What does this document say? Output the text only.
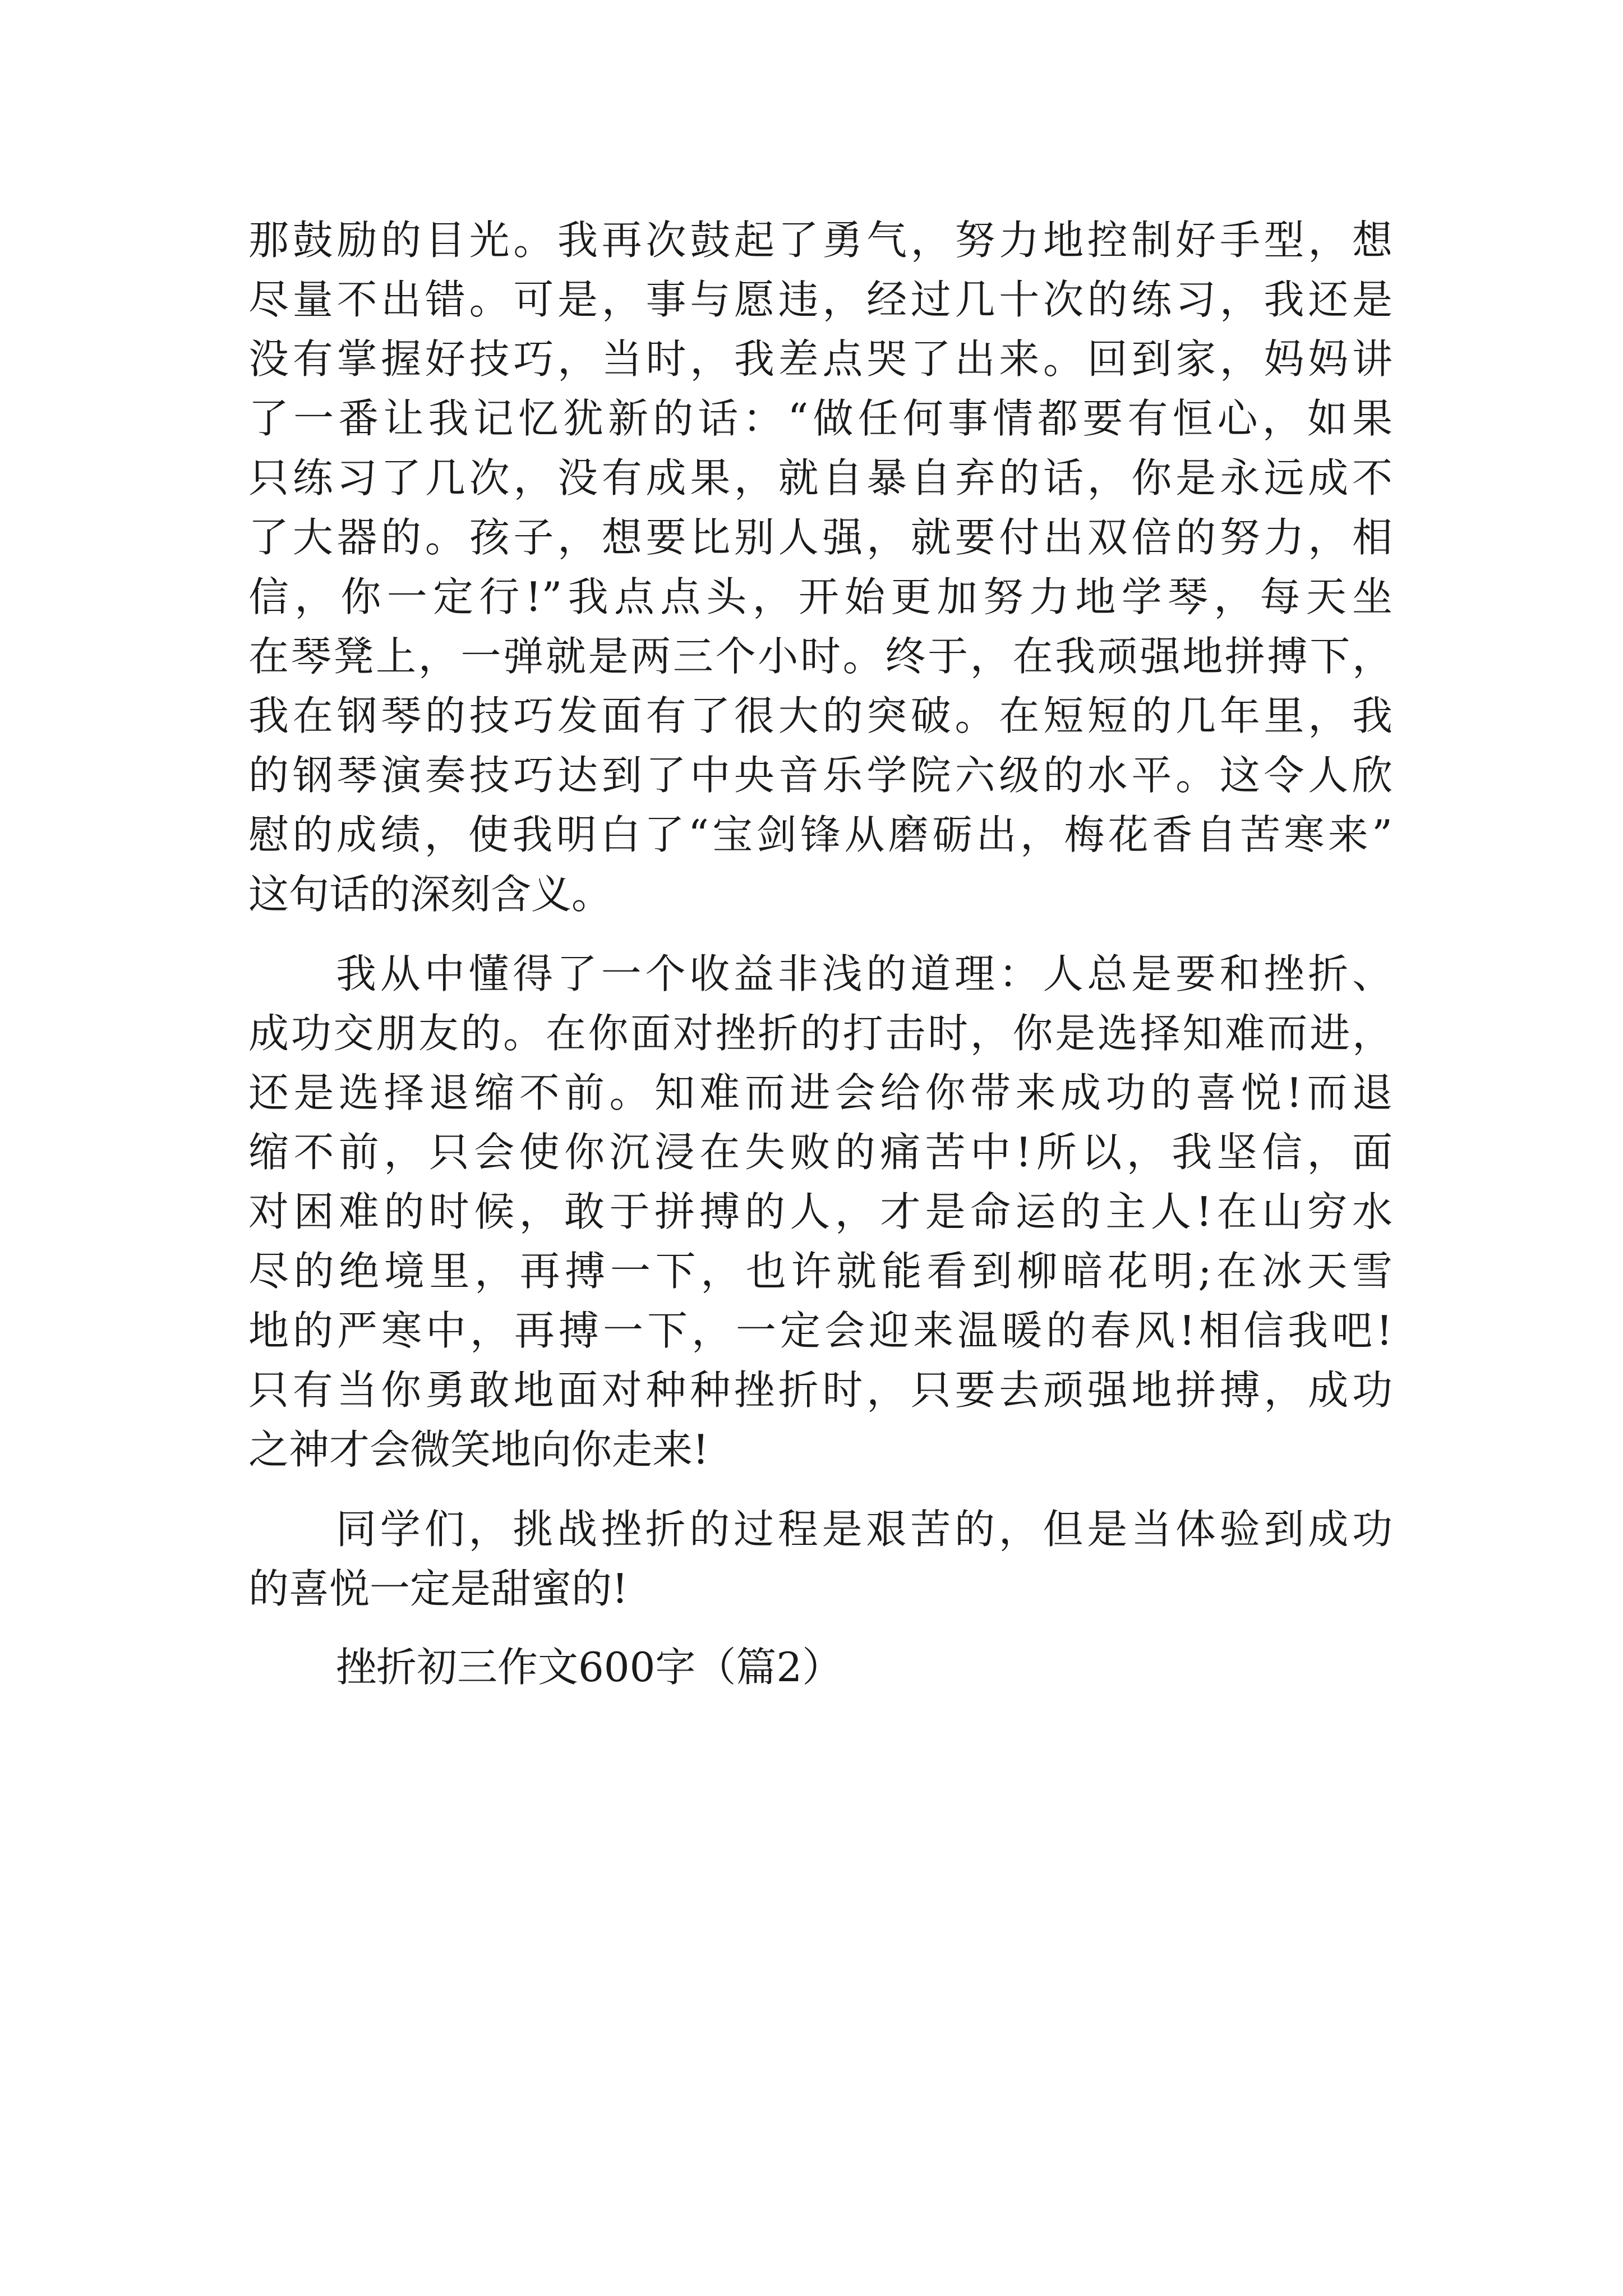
那鼓励的目光。我再次鼓起了勇气，努力地控制好手型，想
尽量不出错。可是，事与愿违，经过几十次的练习，我还是
没有掌握好技巧，当时，我差点哭了出来。回到家，妈妈讲
了一番让我记忆犹新的话：“做任何事情都要有恒心，如果
只练习了几次，没有成果，就自暴自弃的话，你是永远成不
了大器的。孩子，想要比别人强，就要付出双倍的努力，相
信，你一定行!”我点点头，开始更加努力地学琴，每天坐
在琴凳上，一弹就是两三个小时。终于，在我顽强地拼搏下，
我在钢琴的技巧发面有了很大的突破。在短短的几年里，我
的钢琴演奏技巧达到了中央音乐学院六级的水平。这令人欣
慰的成绩，使我明白了“宝剑锋从磨砺出，梅花香自苦寒来”
这句话的深刻含义。
我从中懂得了一个收益非浅的道理：人总是要和挫折、
成功交朋友的。在你面对挫折的打击时，你是选择知难而进，
还是选择退缩不前。知难而进会给你带来成功的喜悦!而退
缩不前，只会使你沉浸在失败的痛苦中!所以，我坚信，面
对困难的时候，敢于拼搏的人，才是命运的主人!在山穷水
尽的绝境里，再搏一下，也许就能看到柳暗花明;在冰天雪
地的严寒中，再搏一下，一定会迎来温暖的春风!相信我吧!
只有当你勇敢地面对种种挫折时，只要去顽强地拼搏，成功
之神才会微笑地向你走来!
同学们，挑战挫折的过程是艰苦的，但是当体验到成功
的喜悦一定是甜蜜的!
挫折初三作文600字（篇2）
